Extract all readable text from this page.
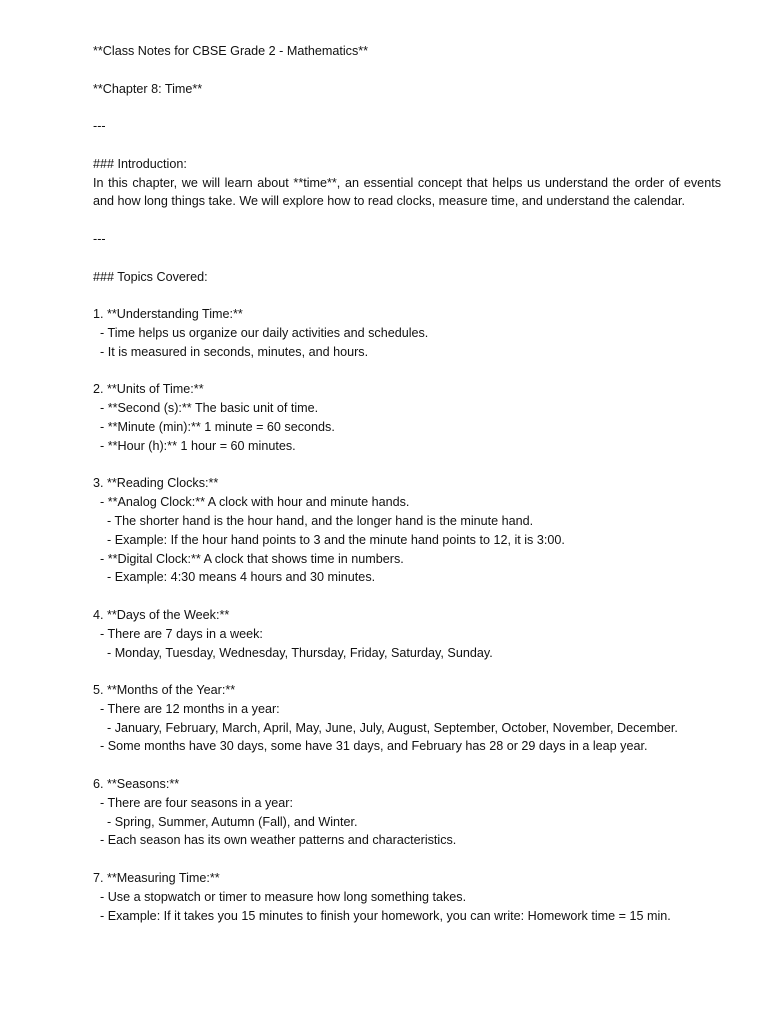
**Class Notes for CBSE Grade 2 - Mathematics**
**Chapter 8: Time**
---
### Introduction:
In this chapter, we will learn about **time**, an essential concept that helps us understand the order of events and how long things take. We will explore how to read clocks, measure time, and understand the calendar.
---
### Topics Covered:
1. **Understanding Time:**
- Time helps us organize our daily activities and schedules.
- It is measured in seconds, minutes, and hours.
2. **Units of Time:**
- **Second (s):** The basic unit of time.
- **Minute (min):** 1 minute = 60 seconds.
- **Hour (h):** 1 hour = 60 minutes.
3. **Reading Clocks:**
- **Analog Clock:** A clock with hour and minute hands.
- The shorter hand is the hour hand, and the longer hand is the minute hand.
- Example: If the hour hand points to 3 and the minute hand points to 12, it is 3:00.
- **Digital Clock:** A clock that shows time in numbers.
- Example: 4:30 means 4 hours and 30 minutes.
4. **Days of the Week:**
- There are 7 days in a week:
- Monday, Tuesday, Wednesday, Thursday, Friday, Saturday, Sunday.
5. **Months of the Year:**
- There are 12 months in a year:
- January, February, March, April, May, June, July, August, September, October, November, December.
- Some months have 30 days, some have 31 days, and February has 28 or 29 days in a leap year.
6. **Seasons:**
- There are four seasons in a year:
- Spring, Summer, Autumn (Fall), and Winter.
- Each season has its own weather patterns and characteristics.
7. **Measuring Time:**
- Use a stopwatch or timer to measure how long something takes.
- Example: If it takes you 15 minutes to finish your homework, you can write: Homework time = 15 min.
